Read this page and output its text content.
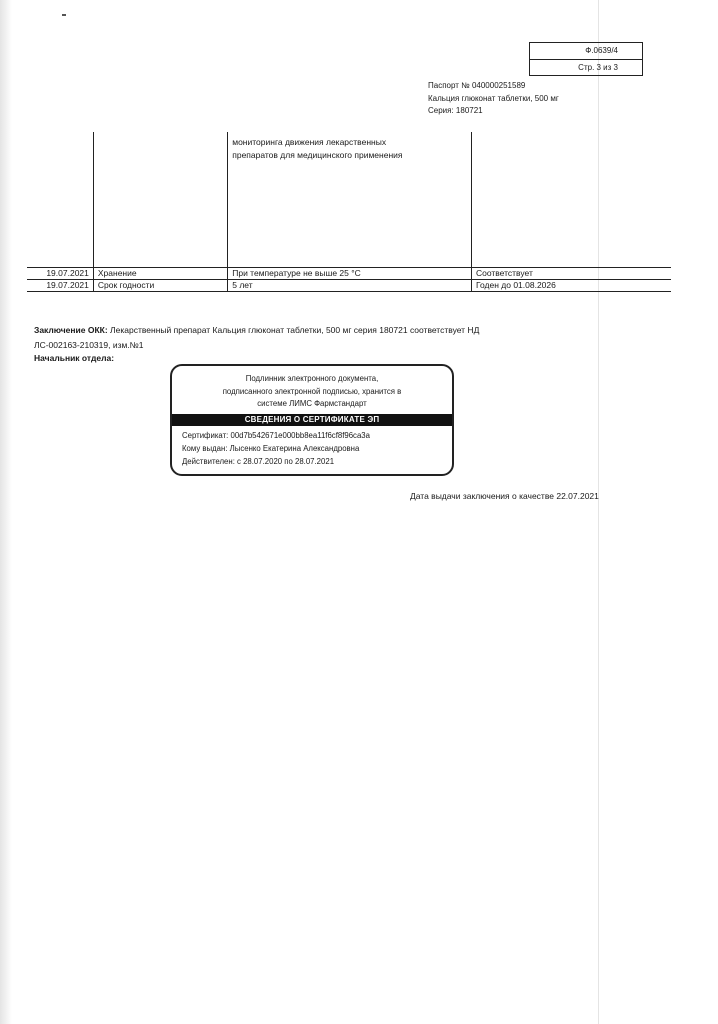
Ф.0639/4
Стр. 3 из 3
Паспорт № 040000251589
Кальция глюконат таблетки, 500 мг
Серия: 180721

		мониторинга движения лекарственных
препаратов для медицинского применения	

19.07.2021	Хранение	При температуре не выше 25 °C	Соответствует
19.07.2021	Срок годности	5 лет	Годен до 01.08.2026
Заключение ОКК: Лекарственный препарат Кальция глюконат таблетки, 500 мг серия 180721 соответствует НД
ЛС-002163-210319, изм.№1
Начальник отдела:
Подлинник электронного документа,
подписанного электронной подписью, хранится в
системе ЛИМС Фармстандарт
СВЕДЕНИЯ О СЕРТИФИКАТЕ ЭП
Сертификат: 00d7b542671e000bb8ea11f6cf8f96ca3a
Кому выдан: Лысенко Екатерина Александровна
Действителен: с 28.07.2020 по 28.07.2021
Дата выдачи заключения о качестве 22.07.2021
